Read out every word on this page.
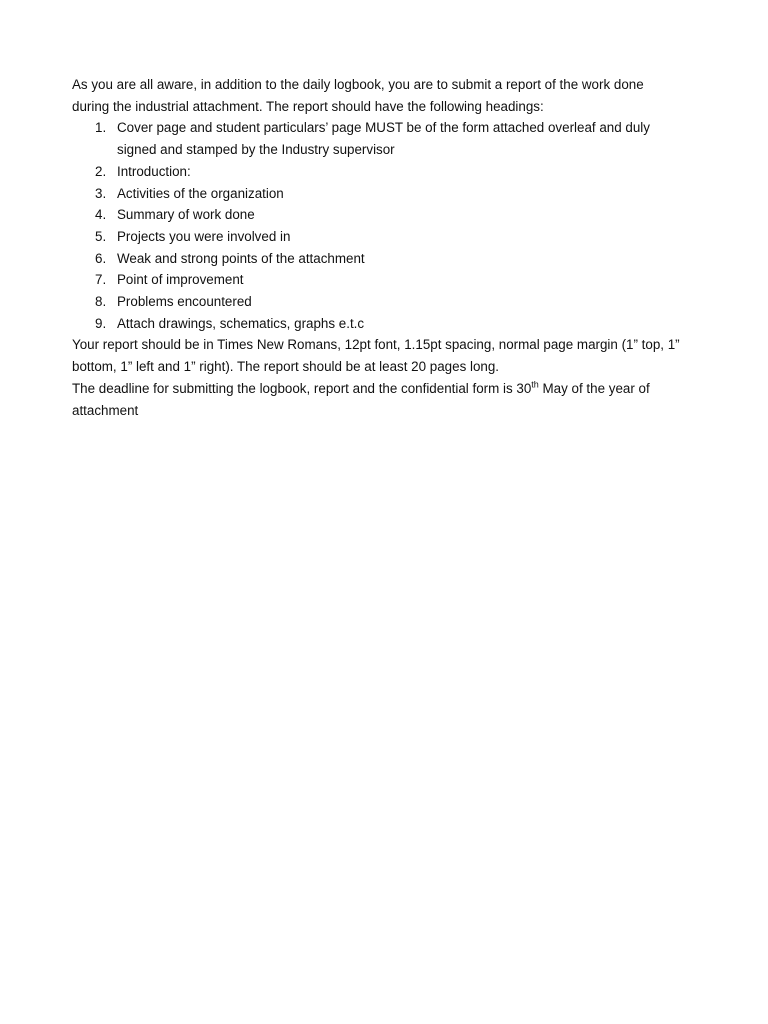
As you are all aware, in addition to the daily logbook, you are to submit a report of the work done during the industrial attachment. The report should have the following headings:

1. Cover page and student particulars’ page MUST be of the form attached overleaf and duly signed and stamped by the Industry supervisor
2. Introduction:
3. Activities of the organization
4. Summary of work done
5. Projects you were involved in
6. Weak and strong points of the attachment
7. Point of improvement
8. Problems encountered
9. Attach drawings, schematics, graphs e.t.c

Your report should be in Times New Romans, 12pt font, 1.15pt spacing, normal page margin (1” top, 1” bottom, 1” left and 1” right). The report should be at least 20 pages long.

The deadline for submitting the logbook, report and the confidential form is 30th May of the year of attachment
